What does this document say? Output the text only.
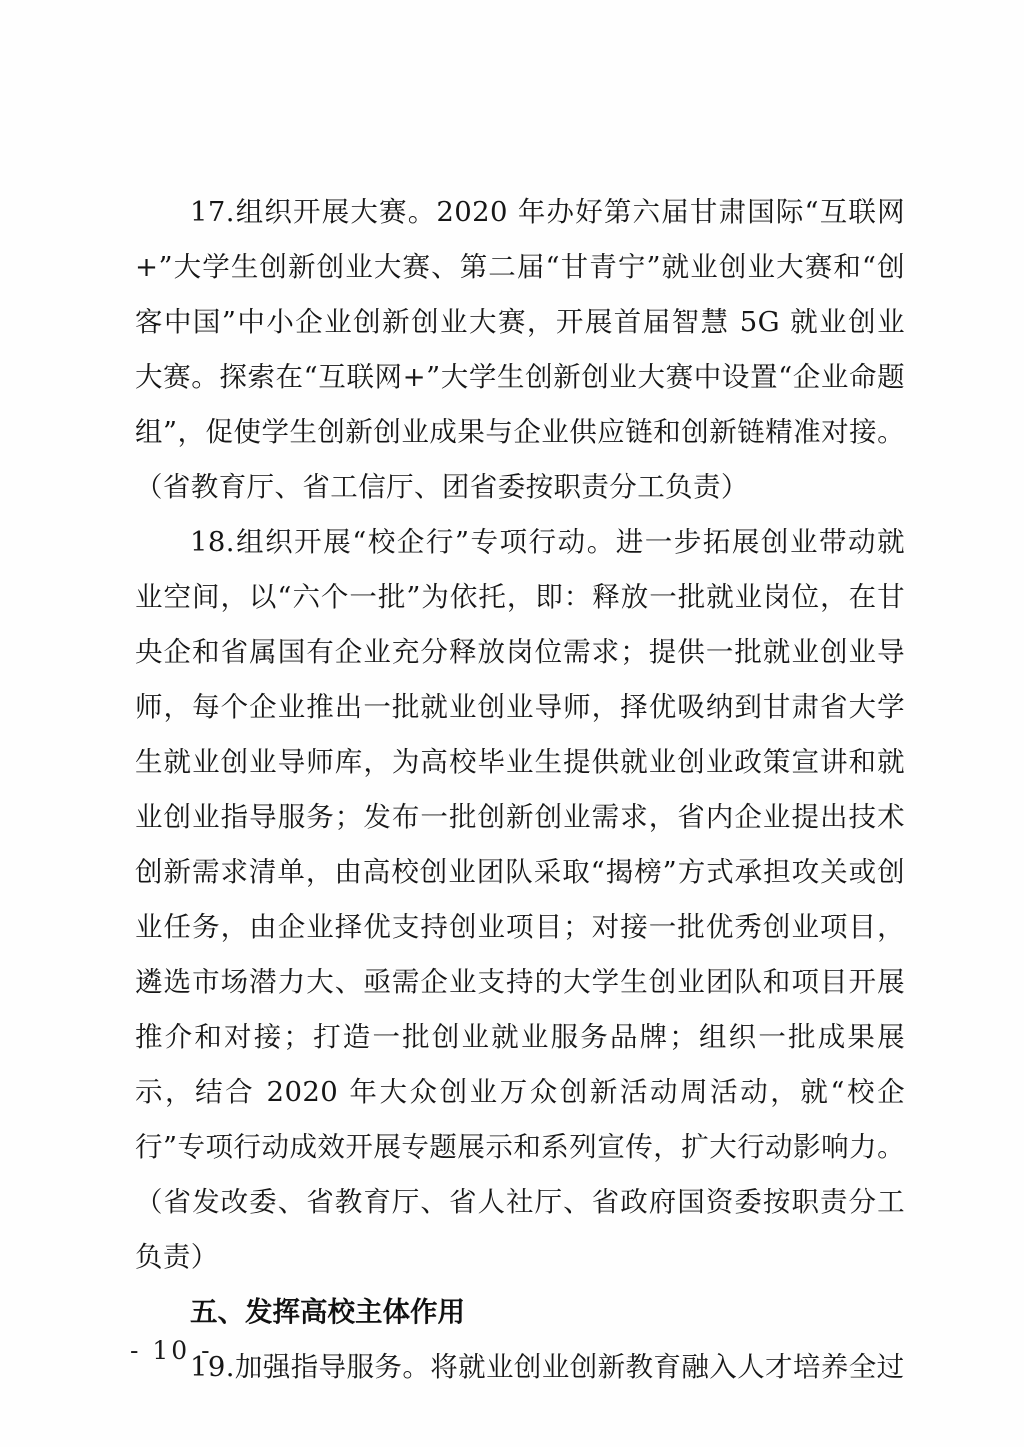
17.组织开展大赛。2020 年办好第六届甘肃国际“互联网+”大学生创新创业大赛、第二届“甘青宁”就业创业大赛和“创客中国”中小企业创新创业大赛，开展首届智慧 5G 就业创业大赛。探索在“互联网+”大学生创新创业大赛中设置“企业命题组”，促使学生创新创业成果与企业供应链和创新链精准对接。（省教育厅、省工信厅、团省委按职责分工负责）

18.组织开展“校企行”专项行动。进一步拓展创业带动就业空间，以“六个一批”为依托，即：释放一批就业岗位，在甘央企和省属国有企业充分释放岗位需求；提供一批就业创业导师，每个企业推出一批就业创业导师，择优吸纳到甘肃省大学生就业创业导师库，为高校毕业生提供就业创业政策宣讲和就业创业指导服务；发布一批创新创业需求，省内企业提出技术创新需求清单，由高校创业团队采取“揭榜”方式承担攻关或创业任务，由企业择优支持创业项目；对接一批优秀创业项目，遴选市场潜力大、亟需企业支持的大学生创业团队和项目开展推介和对接；打造一批创业就业服务品牌；组织一批成果展示，结合 2020 年大众创业万众创新活动周活动，就“校企行”专项行动成效开展专题展示和系列宣传，扩大行动影响力。（省发改委、省教育厅、省人社厅、省政府国资委按职责分工负责）

五、发挥高校主体作用

19.加强指导服务。将就业创业创新教育融入人才培养全过

- 10 -
